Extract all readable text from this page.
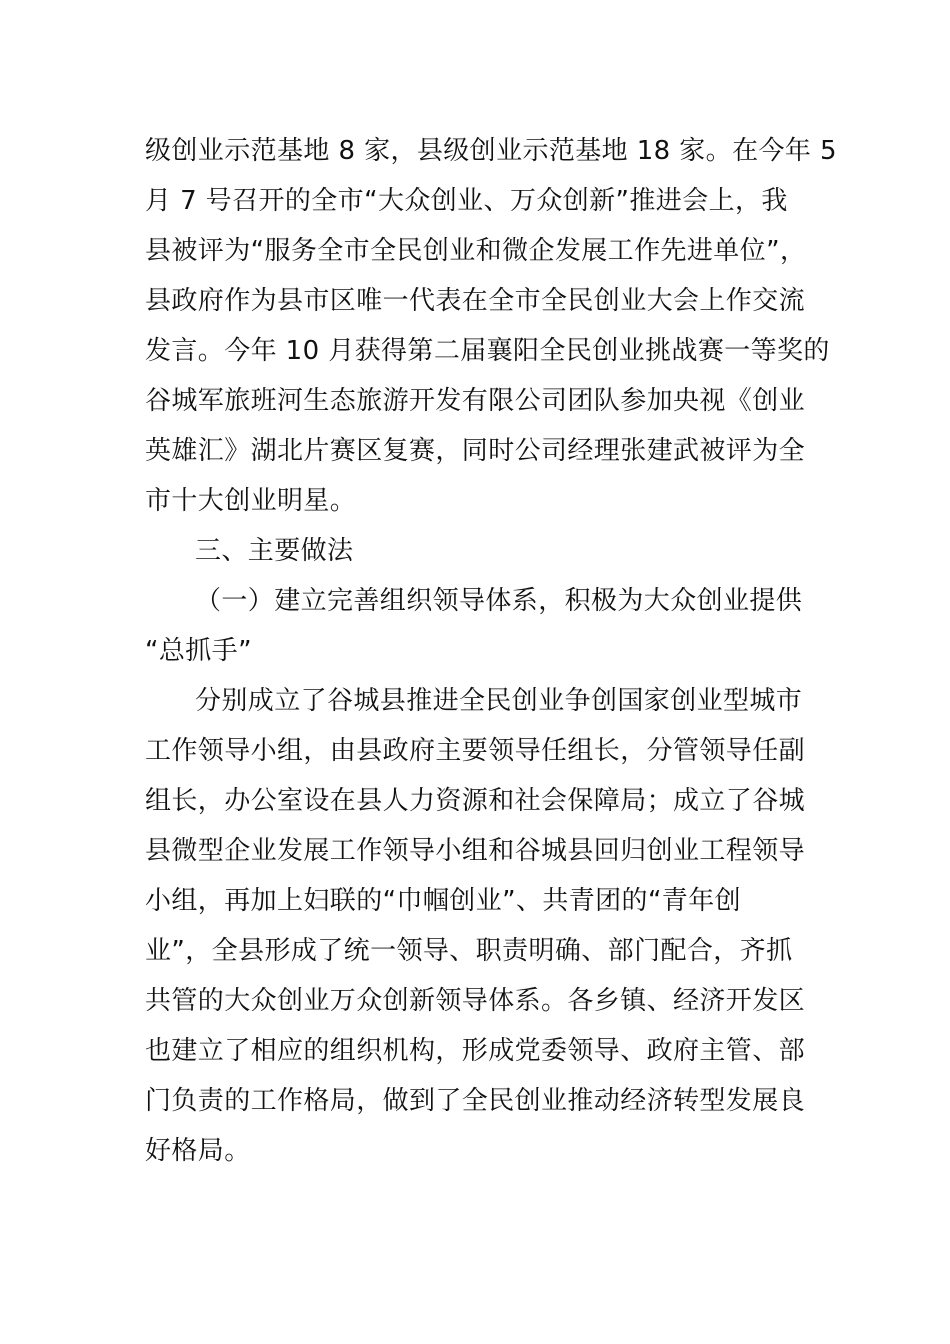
级创业示范基地 8 家，县级创业示范基地 18 家。在今年 5
月 7 号召开的全市“大众创业、万众创新”推进会上，我
县被评为“服务全市全民创业和微企发展工作先进单位”，
县政府作为县市区唯一代表在全市全民创业大会上作交流
发言。今年 10 月获得第二届襄阳全民创业挑战赛一等奖的
谷城军旅班河生态旅游开发有限公司团队参加央视《创业
英雄汇》湖北片赛区复赛，同时公司经理张建武被评为全
市十大创业明星。
三、主要做法
（一）建立完善组织领导体系，积极为大众创业提供
“总抓手”
分别成立了谷城县推进全民创业争创国家创业型城市
工作领导小组，由县政府主要领导任组长，分管领导任副
组长，办公室设在县人力资源和社会保障局；成立了谷城
县微型企业发展工作领导小组和谷城县回归创业工程领导
小组，再加上妇联的“巾帼创业”、共青团的“青年创
业”，全县形成了统一领导、职责明确、部门配合，齐抓
共管的大众创业万众创新领导体系。各乡镇、经济开发区
也建立了相应的组织机构，形成党委领导、政府主管、部
门负责的工作格局，做到了全民创业推动经济转型发展良
好格局。
